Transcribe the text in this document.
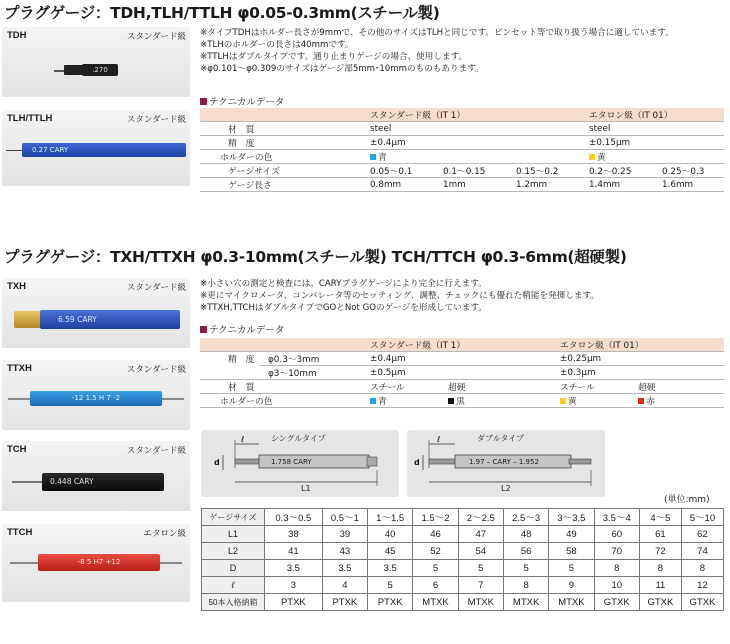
プラグゲージ：TDH,TLH/TTLH φ0.05-0.3mm(スチール製)
TDH	スタンダード級
.270
TLH/TTLH	スタンダード級
0.27 CARY
※タイプTDHはホルダー長さが9mmで、その他のサイズはTLHと同じです。ピンセット等で取り扱う場合に適しています。
※TLHのホルダーの長さは40mmです。
※TTLHはダブルタイプです。通り止まりゲージの場合、使用します。
※φ0.101～φ0.309のサイズはゲージ部5mm･10mmのものもあります。
テクニカルデータ
	スタンダード級（IT 1）			エタロン級（IT 01）	
材　質	steel			steel	
精　度	±0.4μm			±0.15μm	
ホルダーの色	青			黄	
ゲージサイズ	0.05～0.1	0.1～0.15	0.15～0.2	0.2～0.25	0.25～0.3
ゲージ長さ	0.8mm	1mm	1.2mm	1.4mm	1.6mm
プラグゲージ：TXH/TTXH φ0.3-10mm(スチール製) TCH/TTCH φ0.3-6mm(超硬製)
TXH	スタンダード級
6.59 CARY
TTXH	スタンダード級
-12 1.5 H 7 -2
TCH	スタンダード級
0.448 CARY
TTCH	エタロン級
-8 5 H7 +12
※小さい穴の測定と検査には、CARYプラグゲージにより完全に行えます。
※更にマイクロメータ、コンパレータ等のセッティング、調整、チェックにも優れた精能を発揮します。
※TTXH,TTCHはダブルタイプでGOとNot GOのゲージを形成しています。
テクニカルデータ
		スタンダード級（IT 1）		エタロン級（IT 01）	
精　度	φ0.3～3mm	±0.4μm		±0.25μm	
	φ3～10mm	±0.5μm		±0.3μm	
材　質		スチール	超硬	スチール	超硬
ホルダーの色		青	黒	黄	赤
シングルタイプ
ℓ
d	1.758 CARY
L1
ダブルタイプ
ℓ
d	1.97 – CARY – 1.952
L2
(単位:mm)
ゲージサイズ	0.3～0.5	0.5～1	1～1.5	1.5～2	2～2.5	2.5～3	3～3.5	3.5～4	4～5	5～10
L1	38	39	40	46	47	48	49	60	61	62
L2	41	43	45	52	54	56	58	70	72	74
D	3.5	3.5	3.5	5	5	5	5	8	8	8
ℓ	3	4	5	6	7	8	9	10	11	12
50本入格納箱	PTXK	PTXK	PTXK	MTXK	MTXK	MTXK	MTXK	GTXK	GTXK	GTXK
